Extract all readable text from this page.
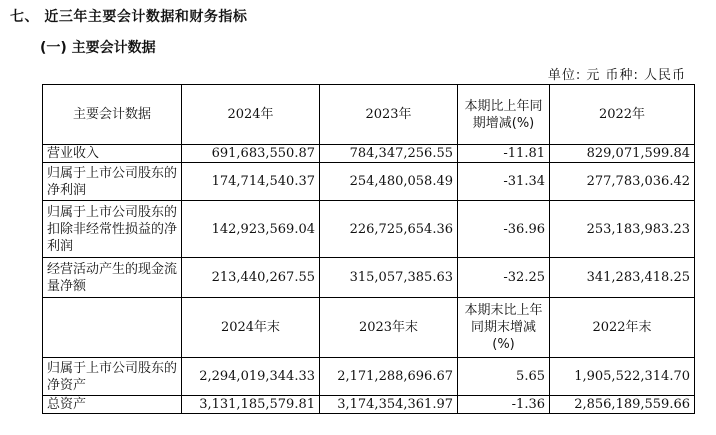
七、 近三年主要会计数据和财务指标
(一) 主要会计数据
单位: 元 币种: 人民币
主要会计数据	2024年	2023年	本期比上年同期增减(%)	2022年
营业收入	691,683,550.87	784,347,256.55	-11.81	829,071,599.84
归属于上市公司股东的净利润	174,714,540.37	254,480,058.49	-31.34	277,783,036.42
归属于上市公司股东的扣除非经常性损益的净利润	142,923,569.04	226,725,654.36	-36.96	253,183,983.23
经营活动产生的现金流量净额	213,440,267.55	315,057,385.63	-32.25	341,283,418.25
	2024年末	2023年末	本期末比上年同期末增减(%)	2022年末
归属于上市公司股东的净资产	2,294,019,344.33	2,171,288,696.67	5.65	1,905,522,314.70
总资产	3,131,185,579.81	3,174,354,361.97	-1.36	2,856,189,559.66
